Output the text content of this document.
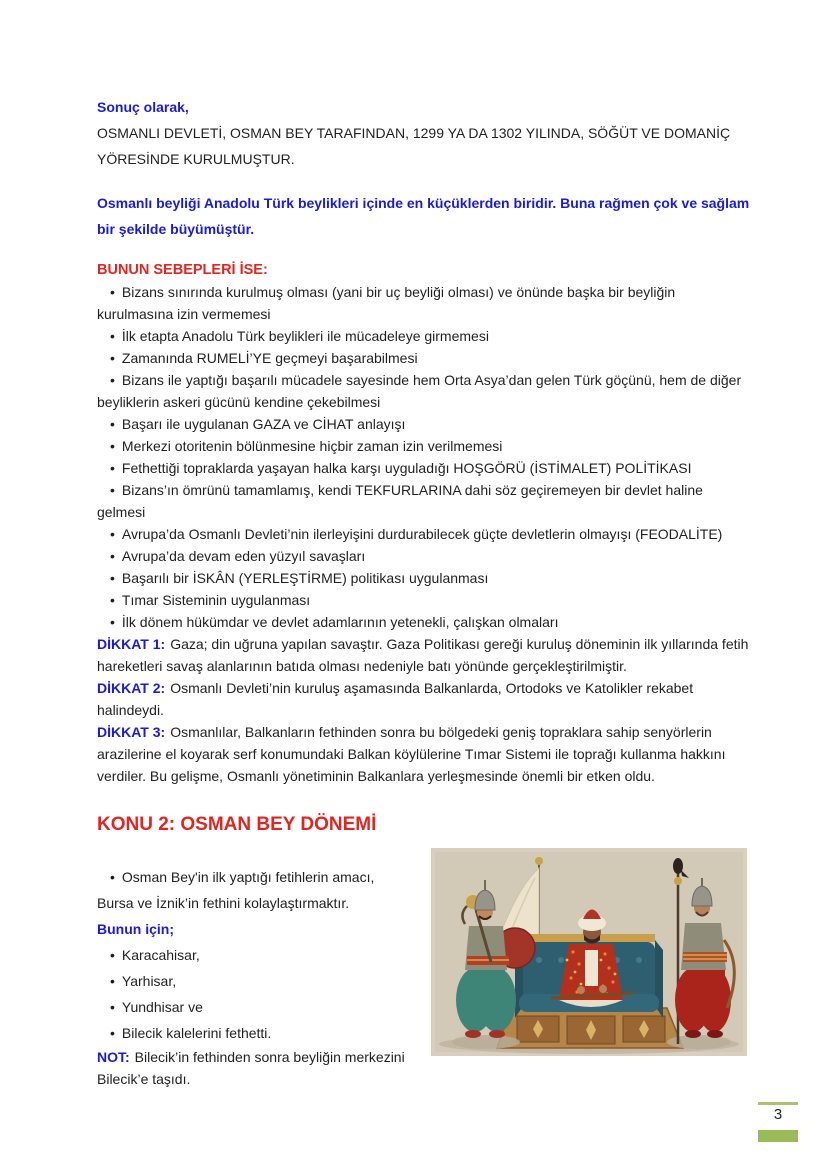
Sonuç olarak,

OSMANLI DEVLETİ, OSMAN BEY TARAFINDAN, 1299 YA DA 1302 YILINDA, SÖĞÜT VE DOMANİÇ YÖRESİNDE KURULMUŞTUR.

Osmanlı beyliği Anadolu Türk beylikleri içinde en küçüklerden biridir. Buna rağmen çok ve sağlam bir şekilde büyümüştür.

BUNUN SEBEPLERİ İSE:

• Bizans sınırında kurulmuş olması (yani bir uç beyliği olması) ve önünde başka bir beyliğin kurulmasına izin vermemesi

• İlk etapta Anadolu Türk beylikleri ile mücadeleye girmemesi

• Zamanında RUMELİ’YE geçmeyi başarabilmesi

• Bizans ile yaptığı başarılı mücadele sayesinde hem Orta Asya’dan gelen Türk göçünü, hem de diğer beyliklerin askeri gücünü kendine çekebilmesi

• Başarı ile uygulanan GAZA ve CİHAT anlayışı

• Merkezi otoritenin bölünmesine hiçbir zaman izin verilmemesi

• Fethettiği topraklarda yaşayan halka karşı uyguladığı HOŞGÖRÜ (İSTİMALET) POLİTİKASI

• Bizans’ın ömrünü tamamlamış, kendi TEKFURLARINA dahi söz geçiremeyen bir devlet haline gelmesi

• Avrupa’da Osmanlı Devleti’nin ilerleyişini durdurabilecek güçte devletlerin olmayışı (FEODALİTE)

• Avrupa’da devam eden yüzyıl savaşları

• Başarılı bir İSKÂN (YERLEŞTİRME) politikası uygulanması

• Tımar Sisteminin uygulanması

• İlk dönem hükümdar ve devlet adamlarının yetenekli, çalışkan olmaları

DİKKAT 1: Gaza; din uğruna yapılan savaştır. Gaza Politikası gereği kuruluş döneminin ilk yıllarında fetih hareketleri savaş alanlarının batıda olması nedeniyle batı yönünde gerçekleştirilmiştir.

DİKKAT 2: Osmanlı Devleti’nin kuruluş aşamasında Balkanlarda, Ortodoks ve Katolikler rekabet halindeydi.

DİKKAT 3: Osmanlılar, Balkanların fethinden sonra bu bölgedeki geniş topraklara sahip senyörlerin arazilerine el koyarak serf konumundaki Balkan köylülerine Tımar Sistemi ile toprağı kullanma hakkını verdiler. Bu gelişme, Osmanlı yönetiminin Balkanlara yerleşmesinde önemli bir etken oldu.

KONU 2: OSMAN BEY DÖNEMİ

• Osman Bey'in ilk yaptığı fetihlerin amacı, Bursa ve İznik’in fethini kolaylaştırmaktır.

Bunun için;

• Karacahisar,

• Yarhisar,

• Yundhisar ve

• Bilecik kalelerini fethetti.

NOT: Bilecik’in fethinden sonra beyliğin merkezini Bilecik’e taşıdı.

3
